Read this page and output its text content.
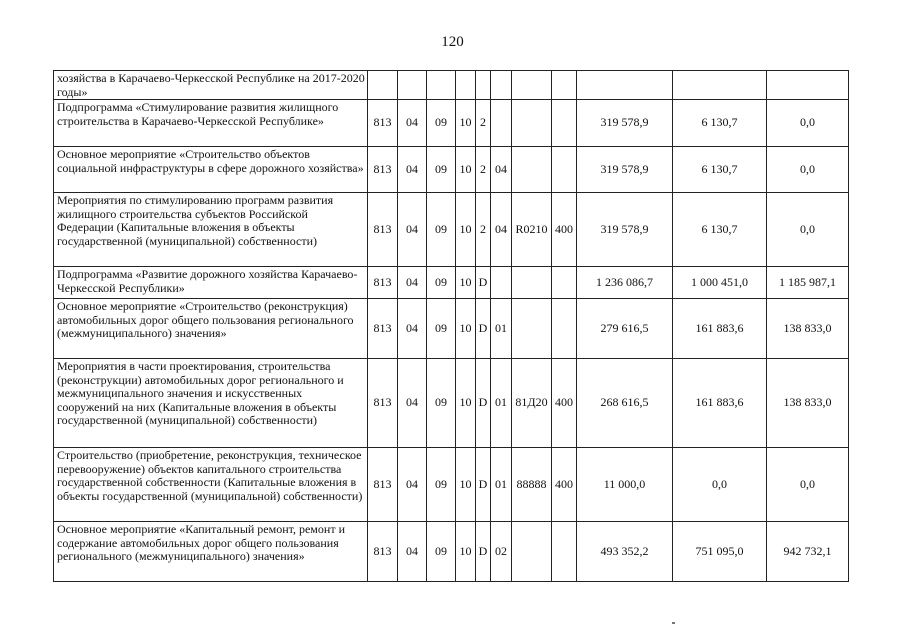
120
хозяйства в Карачаево-Черкесской Республике на 2017-2020 годы»											
Подпрограмма «Стимулирование развития жилищного строительства в Карачаево-Черкесской Республике»	813	04	09	10	2				319 578,9	6 130,7	0,0
Основное мероприятие «Строительство объектов социальной инфраструктуры в сфере дорожного хозяйства»	813	04	09	10	2	04			319 578,9	6 130,7	0,0
Мероприятия по стимулированию программ развития жилищного строительства субъектов Российской Федерации (Капитальные вложения в объекты государственной (муниципальной) собственности)	813	04	09	10	2	04	R0210	400	319 578,9	6 130,7	0,0
Подпрограмма «Развитие дорожного хозяйства Карачаево-Черкесской Республики»	813	04	09	10	D				1 236 086,7	1 000 451,0	1 185 987,1
Основное мероприятие «Строительство (реконструкция) автомобильных дорог общего пользования регионального (межмуниципального) значения»	813	04	09	10	D	01			279 616,5	161 883,6	138 833,0
Мероприятия в части проектирования, строительства (реконструкции) автомобильных дорог регионального и межмуниципального значения и искусственных сооружений на них (Капитальные вложения в объекты государственной (муниципальной) собственности)	813	04	09	10	D	01	81Д20	400	268 616,5	161 883,6	138 833,0
Строительство (приобретение, реконструкция, техническое перевооружение) объектов капитального строительства государственной собственности (Капитальные вложения в объекты государственной (муниципальной) собственности)	813	04	09	10	D	01	88888	400	11 000,0	0,0	0,0
Основное мероприятие «Капитальный ремонт, ремонт и содержание автомобильных дорог общего пользования регионального (межмуниципального) значения»	813	04	09	10	D	02			493 352,2	751 095,0	942 732,1
